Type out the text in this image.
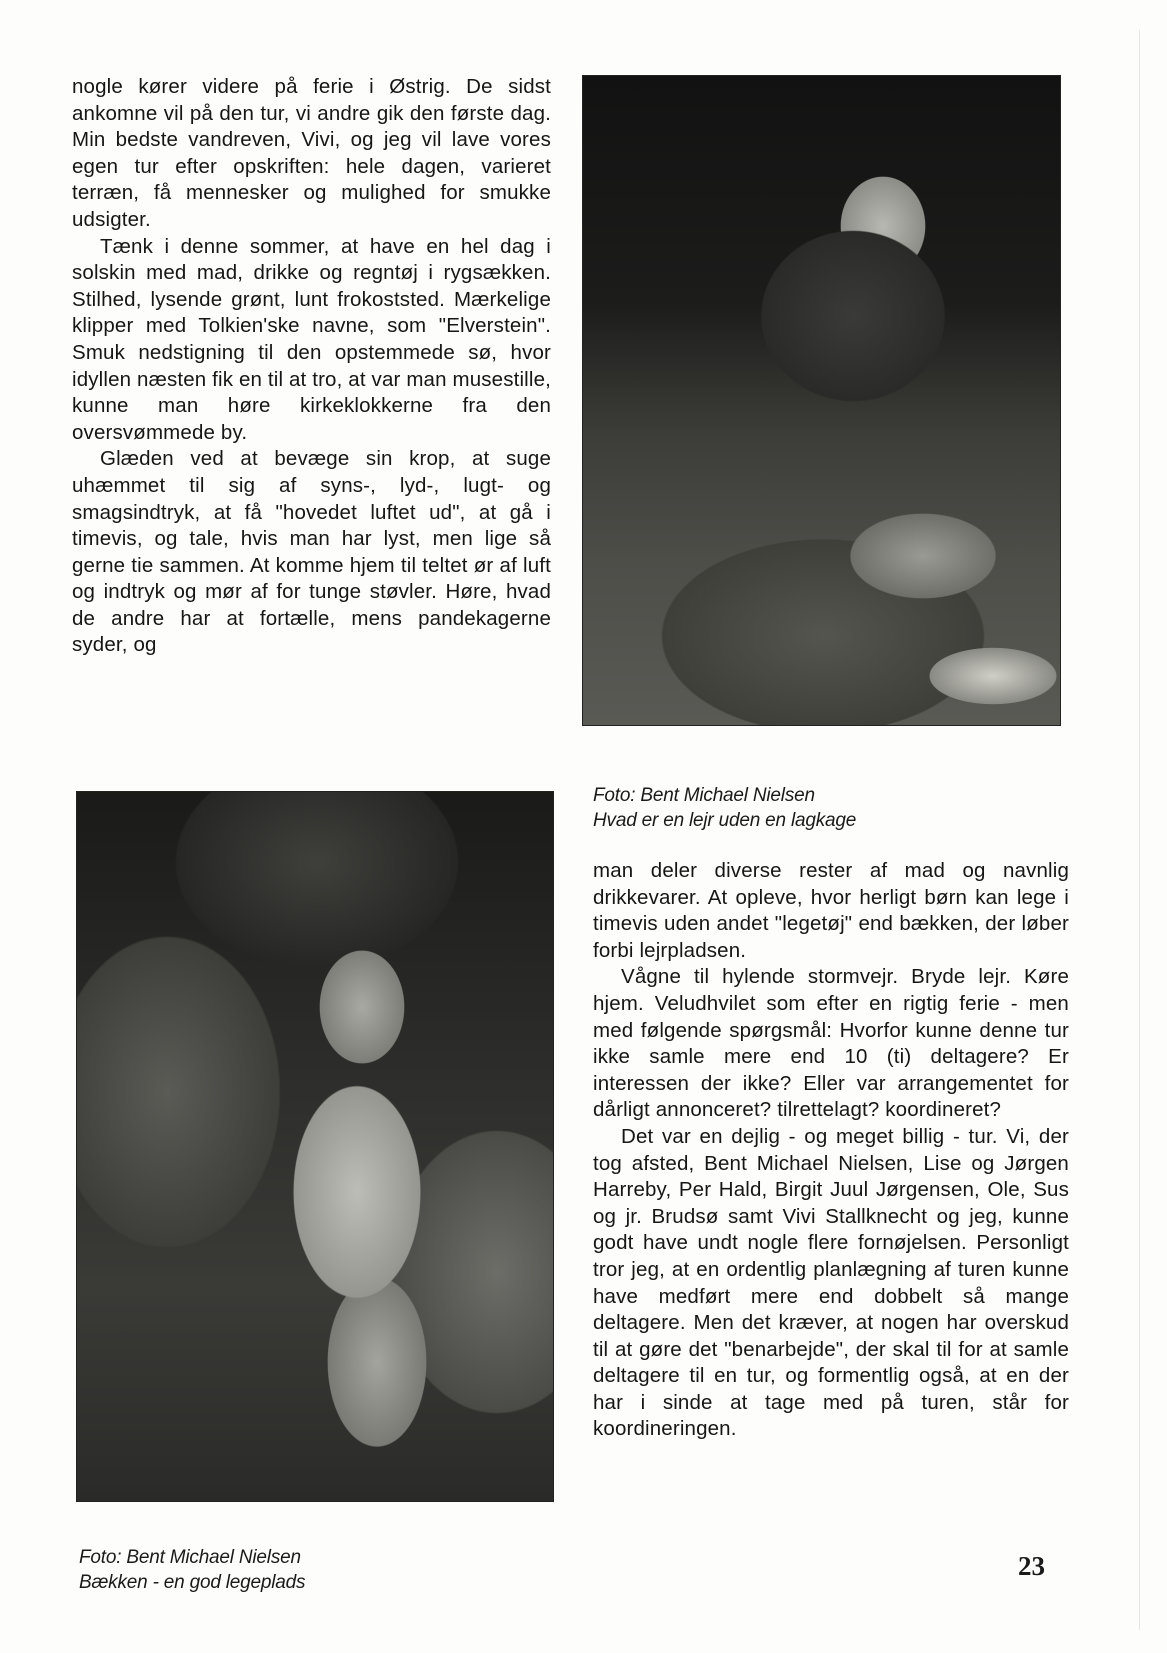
nogle kører videre på ferie i Østrig. De sidst ankomne vil på den tur, vi andre gik den første dag. Min bedste vandreven, Vivi, og jeg vil lave vores egen tur efter opskriften: hele dagen, varieret terræn, få mennesker og mulighed for smukke udsigter.

Tænk i denne sommer, at have en hel dag i solskin med mad, drikke og regntøj i rygsækken. Stilhed, lysende grønt, lunt frokoststed. Mærkelige klipper med Tolkien'ske navne, som "Elverstein". Smuk nedstigning til den opstemmede sø, hvor idyllen næsten fik en til at tro, at var man musestille, kunne man høre kirkeklokkerne fra den oversvømmede by.

Glæden ved at bevæge sin krop, at suge uhæmmet til sig af syns-, lyd-, lugt- og smagsindtryk, at få "hovedet luftet ud", at gå i timevis, og tale, hvis man har lyst, men lige så gerne tie sammen. At komme hjem til teltet ør af luft og indtryk og mør af for tunge støvler. Høre, hvad de andre har at fortælle, mens pandekagerne syder, og

Foto: Bent Michael Nielsen
Hvad er en lejr uden en lagkage

man deler diverse rester af mad og navnlig drikkevarer. At opleve, hvor herligt børn kan lege i timevis uden andet "legetøj" end bækken, der løber forbi lejrpladsen.

Vågne til hylende stormvejr. Bryde lejr. Køre hjem. Veludhvilet som efter en rigtig ferie - men med følgende spørgsmål: Hvorfor kunne denne tur ikke samle mere end 10 (ti) deltagere? Er interessen der ikke? Eller var arrangementet for dårligt annonceret? tilrettelagt? koordineret?

Det var en dejlig - og meget billig - tur. Vi, der tog afsted, Bent Michael Nielsen, Lise og Jørgen Harreby, Per Hald, Birgit Juul Jørgensen, Ole, Sus og jr. Brudsø samt Vivi Stallknecht og jeg, kunne godt have undt nogle flere fornøjelsen. Personligt tror jeg, at en ordentlig planlægning af turen kunne have medført mere end dobbelt så mange deltagere. Men det kræver, at nogen har overskud til at gøre det "benarbejde", der skal til for at samle deltagere til en tur, og formentlig også, at en der har i sinde at tage med på turen, står for koordineringen.

Foto: Bent Michael Nielsen
Bækken - en god legeplads
23
